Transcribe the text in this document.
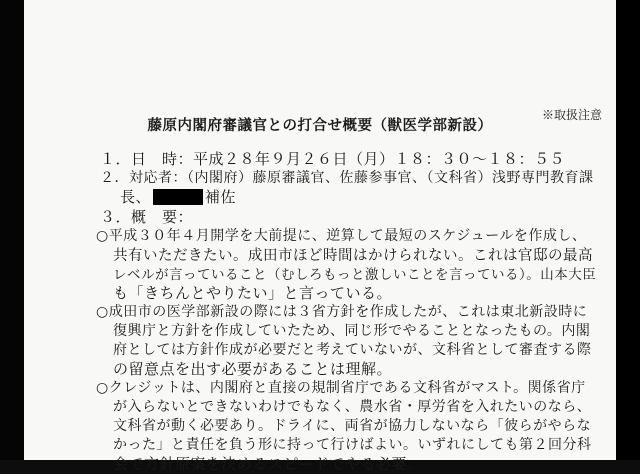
※取扱注意
藤原内閣府審議官との打合せ概要（獣医学部新設）
１．日　時：平成２８年９月２６日（月）１８：３０〜１８：５５
２．対応者：（内閣府）藤原審議官、佐藤参事官、（文科省）浅野専門教育課
長、	補佐
３．概　要：
○平成３０年４月開学を大前提に、逆算して最短のスケジュールを作成し、
共有いただきたい。成田市ほど時間はかけられない。これは官邸の最高
レベルが言っていること（むしろもっと激しいことを言っている）。山本大臣
も「きちんとやりたい」と言っている。
○成田市の医学部新設の際には３省方針を作成したが、これは東北新設時に
復興庁と方針を作成していたため、同じ形でやることとなったもの。内閣
府としては方針作成が必要だと考えていないが、文科省として審査する際
の留意点を出す必要があることは理解。
○クレジットは、内閣府と直接の規制省庁である文科省がマスト。関係省庁
が入らないとできないわけでもなく、農水省・厚労省を入れたいのなら、
文科省が動く必要あり。ドライに、両省が協力しないなら「彼らがやらな
かった」と責任を負う形に持って行けばよい。いずれにしても第２回分科
会で方針原案を決めるスピードでやる必要。
